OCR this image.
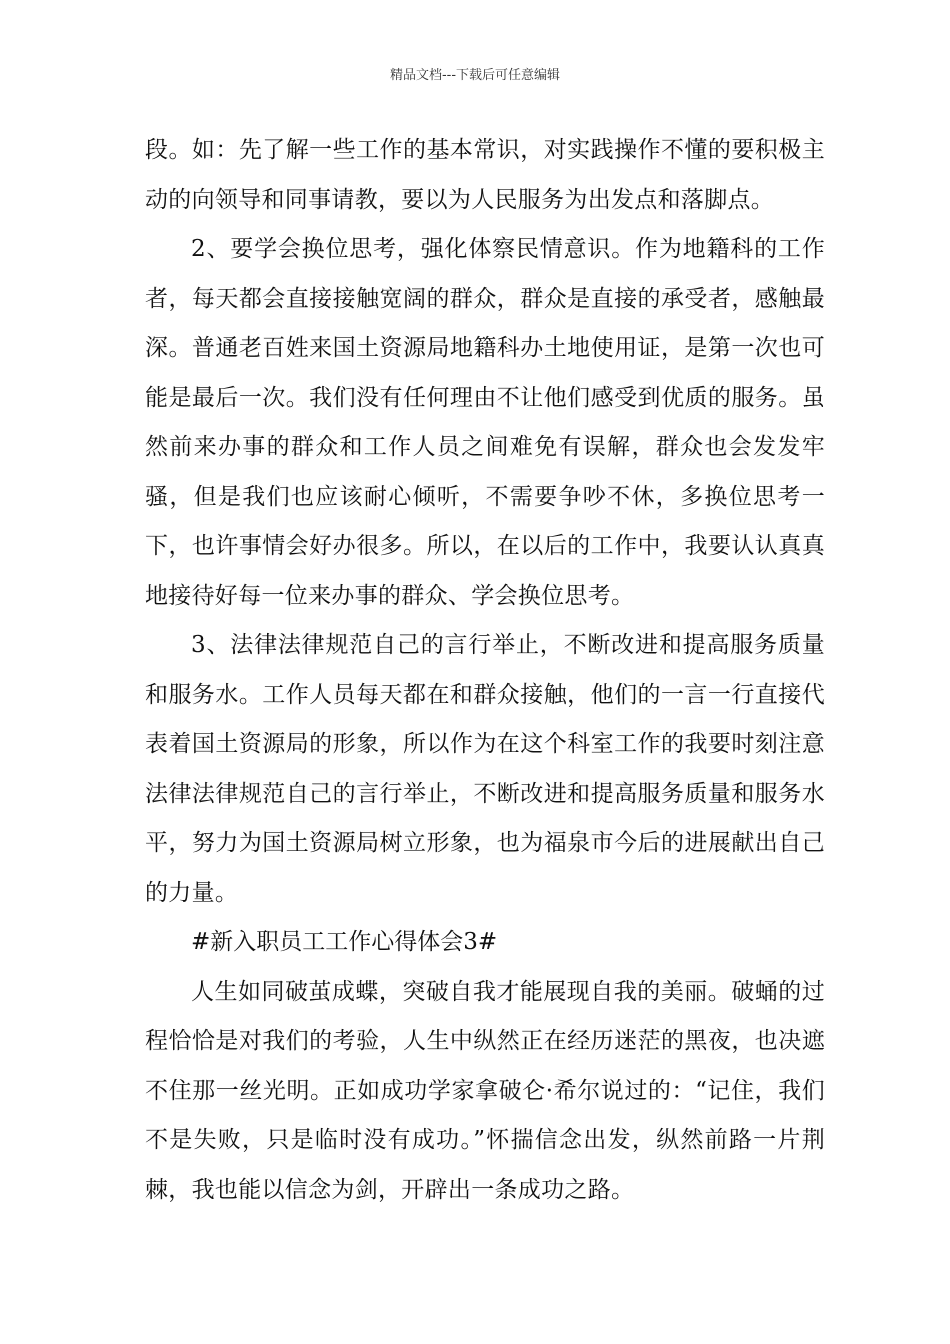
精品文档---下载后可任意编辑

段。如：先了解一些工作的基本常识，对实践操作不懂的要积极主动的向领导和同事请教，要以为人民服务为出发点和落脚点。

2、要学会换位思考，强化体察民情意识。作为地籍科的工作者，每天都会直接接触宽阔的群众，群众是直接的承受者，感触最深。普通老百姓来国土资源局地籍科办土地使用证，是第一次也可能是最后一次。我们没有任何理由不让他们感受到优质的服务。虽然前来办事的群众和工作人员之间难免有误解，群众也会发发牢骚，但是我们也应该耐心倾听，不需要争吵不休，多换位思考一下，也许事情会好办很多。所以，在以后的工作中，我要认认真真地接待好每一位来办事的群众、学会换位思考。

3、法律法律规范自己的言行举止，不断改进和提高服务质量和服务水。工作人员每天都在和群众接触，他们的一言一行直接代表着国土资源局的形象，所以作为在这个科室工作的我要时刻注意法律法律规范自己的言行举止，不断改进和提高服务质量和服务水平，努力为国土资源局树立形象，也为福泉市今后的进展献出自己的力量。

#新入职员工工作心得体会3#

人生如同破茧成蝶，突破自我才能展现自我的美丽。破蛹的过程恰恰是对我们的考验，人生中纵然正在经历迷茫的黑夜，也决遮不住那一丝光明。正如成功学家拿破仑·希尔说过的：“记住，我们不是失败，只是临时没有成功。”怀揣信念出发，纵然前路一片荆棘，我也能以信念为剑，开辟出一条成功之路。
